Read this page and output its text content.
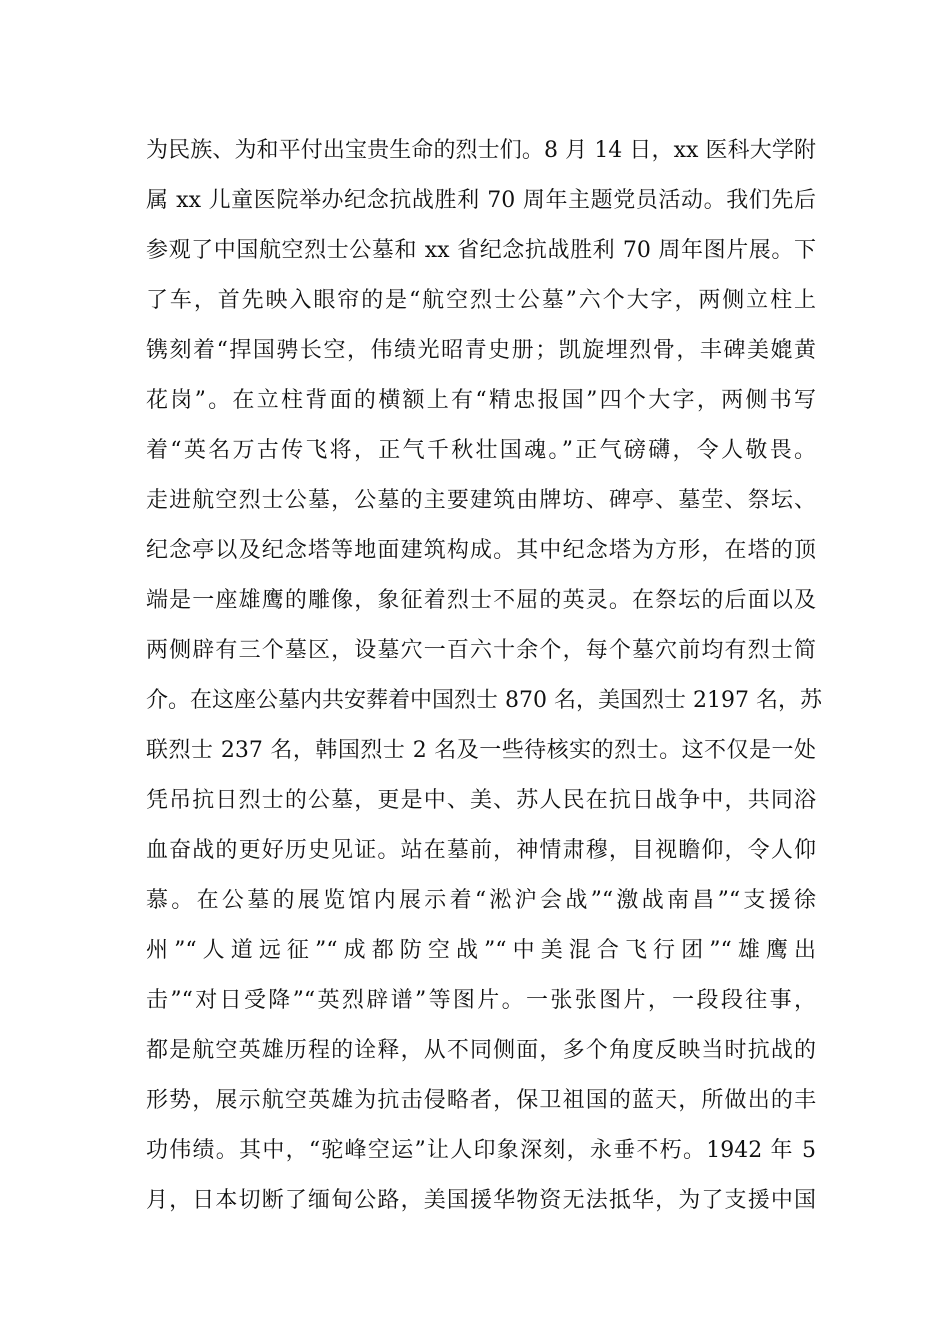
为民族、为和平付出宝贵生命的烈士们。8 月 14 日，xx 医科大学附
属 xx 儿童医院举办纪念抗战胜利 70 周年主题党员活动。我们先后
参观了中国航空烈士公墓和 xx 省纪念抗战胜利 70 周年图片展。下
了车，首先映入眼帘的是“航空烈士公墓”六个大字，两侧立柱上
镌刻着“捍国骋长空，伟绩光昭青史册；凯旋埋烈骨，丰碑美媲黄
花岗”。在立柱背面的横额上有“精忠报国”四个大字，两侧书写
着“英名万古传飞将，正气千秋壮国魂。”正气磅礴，令人敬畏。
走进航空烈士公墓，公墓的主要建筑由牌坊、碑亭、墓茔、祭坛、
纪念亭以及纪念塔等地面建筑构成。其中纪念塔为方形，在塔的顶
端是一座雄鹰的雕像，象征着烈士不屈的英灵。在祭坛的后面以及
两侧辟有三个墓区，设墓穴一百六十余个，每个墓穴前均有烈士简
介。在这座公墓内共安葬着中国烈士 870 名，美国烈士 2197 名，苏
联烈士 237 名，韩国烈士 2 名及一些待核实的烈士。这不仅是一处
凭吊抗日烈士的公墓，更是中、美、苏人民在抗日战争中，共同浴
血奋战的更好历史见证。站在墓前，神情肃穆，目视瞻仰，令人仰
慕。在公墓的展览馆内展示着“淞沪会战”“激战南昌”“支援徐
州”“人道远征”“成都防空战”“中美混合飞行团”“雄鹰出
击”“对日受降”“英烈辟谱”等图片。一张张图片，一段段往事，
都是航空英雄历程的诠释，从不同侧面，多个角度反映当时抗战的
形势，展示航空英雄为抗击侵略者，保卫祖国的蓝天，所做出的丰
功伟绩。其中，“驼峰空运”让人印象深刻，永垂不朽。1942 年 5
月，日本切断了缅甸公路，美国援华物资无法抵华，为了支援中国
